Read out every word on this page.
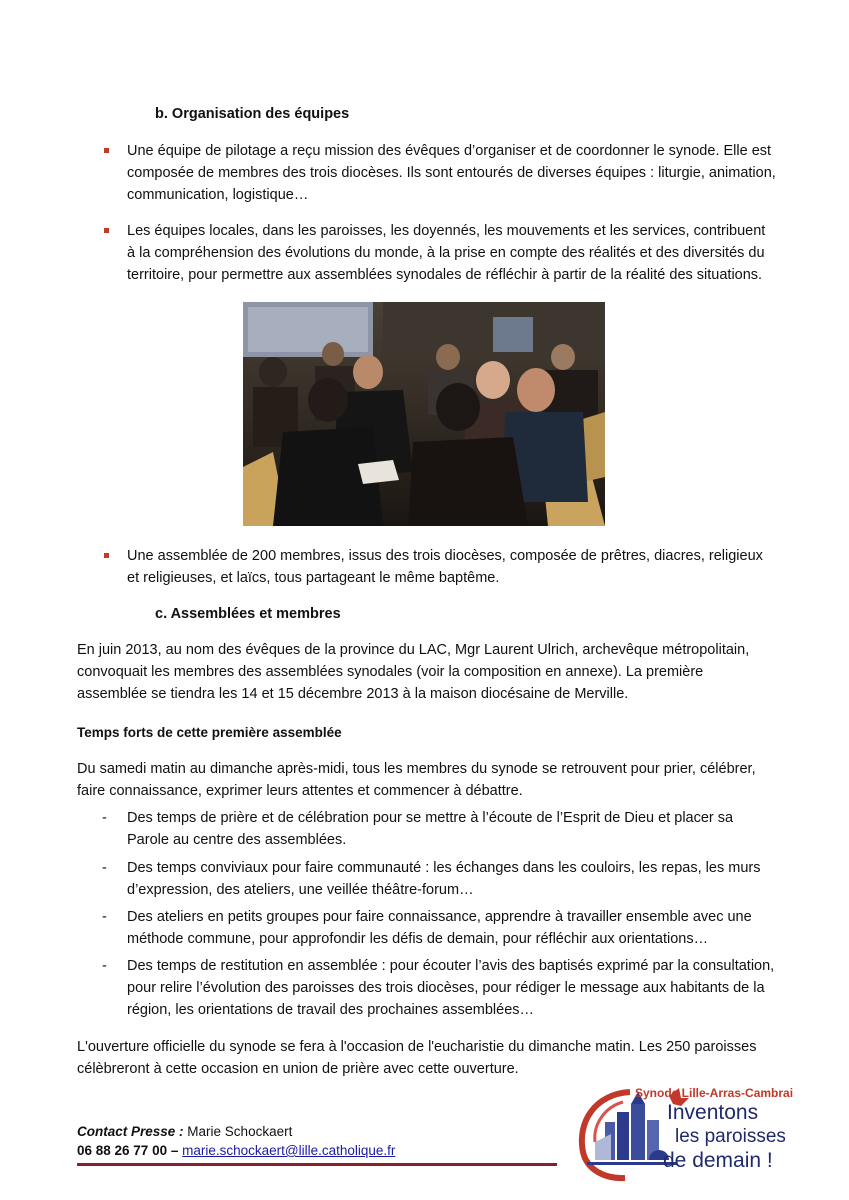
b. Organisation des équipes
Une équipe de pilotage a reçu mission des évêques d’organiser et de coordonner le synode. Elle est composée de membres des trois diocèses. Ils sont entourés de diverses équipes : liturgie, animation, communication, logistique…
Les équipes locales, dans les paroisses, les doyennés, les mouvements et les services, contribuent à la compréhension des évolutions du monde, à la prise en compte des réalités et des diversités du territoire, pour permettre aux assemblées synodales de réfléchir à partir de la réalité des situations.
Une assemblée de 200 membres, issus des trois diocèses, composée de prêtres, diacres, religieux et religieuses, et laïcs, tous partageant le même baptême.
c. Assemblées et membres
En juin 2013, au nom des évêques de la province du LAC, Mgr Laurent Ulrich, archevêque métropolitain, convoquait les membres des assemblées synodales (voir la composition en annexe). La première assemblée se tiendra les 14 et 15 décembre 2013 à la maison diocésaine de Merville.
Temps forts de cette première assemblée
Du samedi matin au dimanche après-midi, tous les membres du synode se retrouvent pour prier, célébrer, faire connaissance, exprimer leurs attentes et commencer à débattre.
- Des temps de prière et de célébration pour se mettre à l’écoute de l’Esprit de Dieu et placer sa Parole au centre des assemblées.
- Des temps conviviaux pour faire communauté : les échanges dans les couloirs, les repas, les murs d’expression, des ateliers, une veillée théâtre-forum…
- Des ateliers en petits groupes pour faire connaissance, apprendre à travailler ensemble avec une méthode commune, pour approfondir les défis de demain, pour réfléchir aux orientations…
- Des temps de restitution en assemblée : pour écouter l’avis des baptisés exprimé par la consultation, pour relire l’évolution des paroisses des trois diocèses, pour rédiger le message aux habitants de la région, les orientations de travail des prochaines assemblées…
L'ouverture officielle du synode se fera à l'occasion de l'eucharistie du dimanche matin. Les 250 paroisses célèbreront à cette occasion en union de prière avec cette ouverture.
Contact Presse : Marie Schockaert
06 88 26 77 00 – marie.schockaert@lille.catholique.fr
Synode Lille-Arras-Cambrai
Inventons
les paroisses
de demain !
